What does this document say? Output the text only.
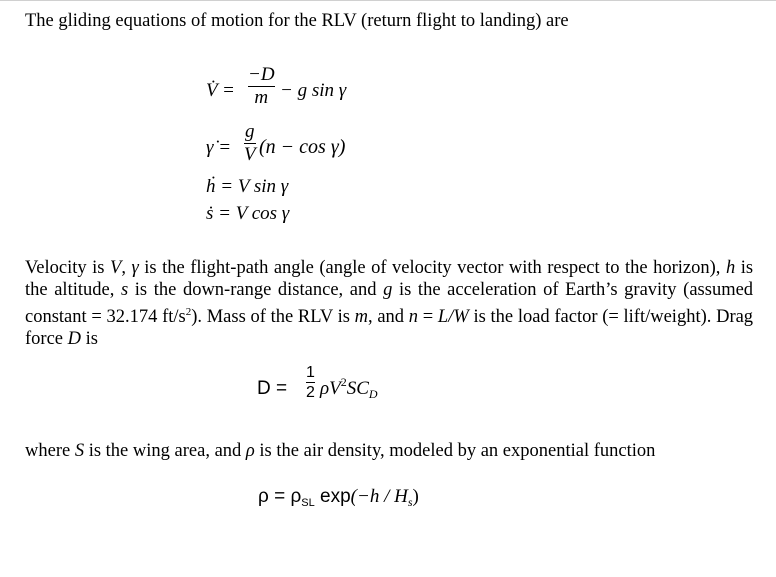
The gliding equations of motion for the RLV (return flight to landing) are
V̇ =
−D
m − g sin γ
γ̇ =
g
V (n − cos γ)
ḣ = V sin γ
ṡ = V cos γ
Velocity is V, γ is the flight-path angle (angle of velocity vector with respect to the horizon), h is the altitude, s is the down-range distance, and g is the acceleration of Earth’s gravity (assumed constant = 32.174 $ft/s^2$). Mass of the RLV is m, and n = L/W is the load factor (= lift/weight). Drag force D is
D =
1
2 $\rho V^2SC_D$
where S is the wing area, and ρ is the air density, modeled by an exponential function
$\rho = \rho_{SL}$ $\exp(-h / H_s)$
